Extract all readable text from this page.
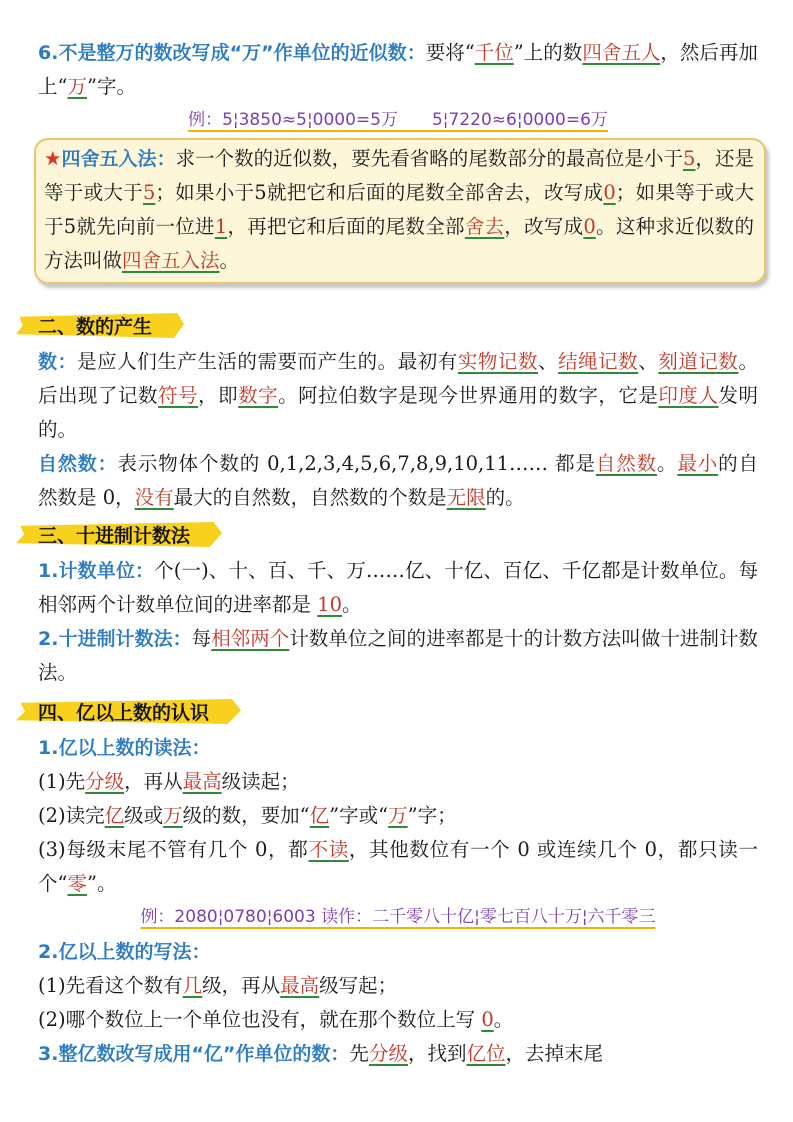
6.不是整万的数改写成“万”作单位的近似数：要将“千位”上的数四舍五人，然后再加上“万”字。
例：5¦3850≈5¦0000=5万　　5¦7220≈6¦0000=6万
★四舍五入法：求一个数的近似数，要先看省略的尾数部分的最高位是小于5，还是等于或大于5；如果小于5就把它和后面的尾数全部舍去，改写成0；如果等于或大于5就先向前一位进1，再把它和后面的尾数全部舍去，改写成0。这种求近似数的方法叫做四舍五入法。
二、数的产生
数：是应人们生产生活的需要而产生的。最初有实物记数、结绳记数、刻道记数。后出现了记数符号，即数字。阿拉伯数字是现今世界通用的数字，它是印度人发明的。
自然数：表示物体个数的 0,1,2,3,4,5,6,7,8,9,10,11…… 都是自然数。最小的自然数是 0，没有最大的自然数，自然数的个数是无限的。
三、十进制计数法
1.计数单位：个(一)、十、百、千、万……亿、十亿、百亿、千亿都是计数单位。每相邻两个计数单位间的进率都是 10。
2.十进制计数法：每相邻两个计数单位之间的进率都是十的计数方法叫做十进制计数法。
四、亿以上数的认识
1.亿以上数的读法：
(1)先分级，再从最高级读起；
(2)读完亿级或万级的数，要加“亿”字或“万”字；
(3)每级末尾不管有几个 0，都不读，其他数位有一个 0 或连续几个 0，都只读一个“零”。
例：2080¦0780¦6003 读作：二千零八十亿¦零七百八十万¦六千零三
2.亿以上数的写法：
(1)先看这个数有几级，再从最高级写起；
(2)哪个数位上一个单位也没有，就在那个数位上写 0。
3.整亿数改写成用“亿”作单位的数：先分级，找到亿位，去掉末尾
